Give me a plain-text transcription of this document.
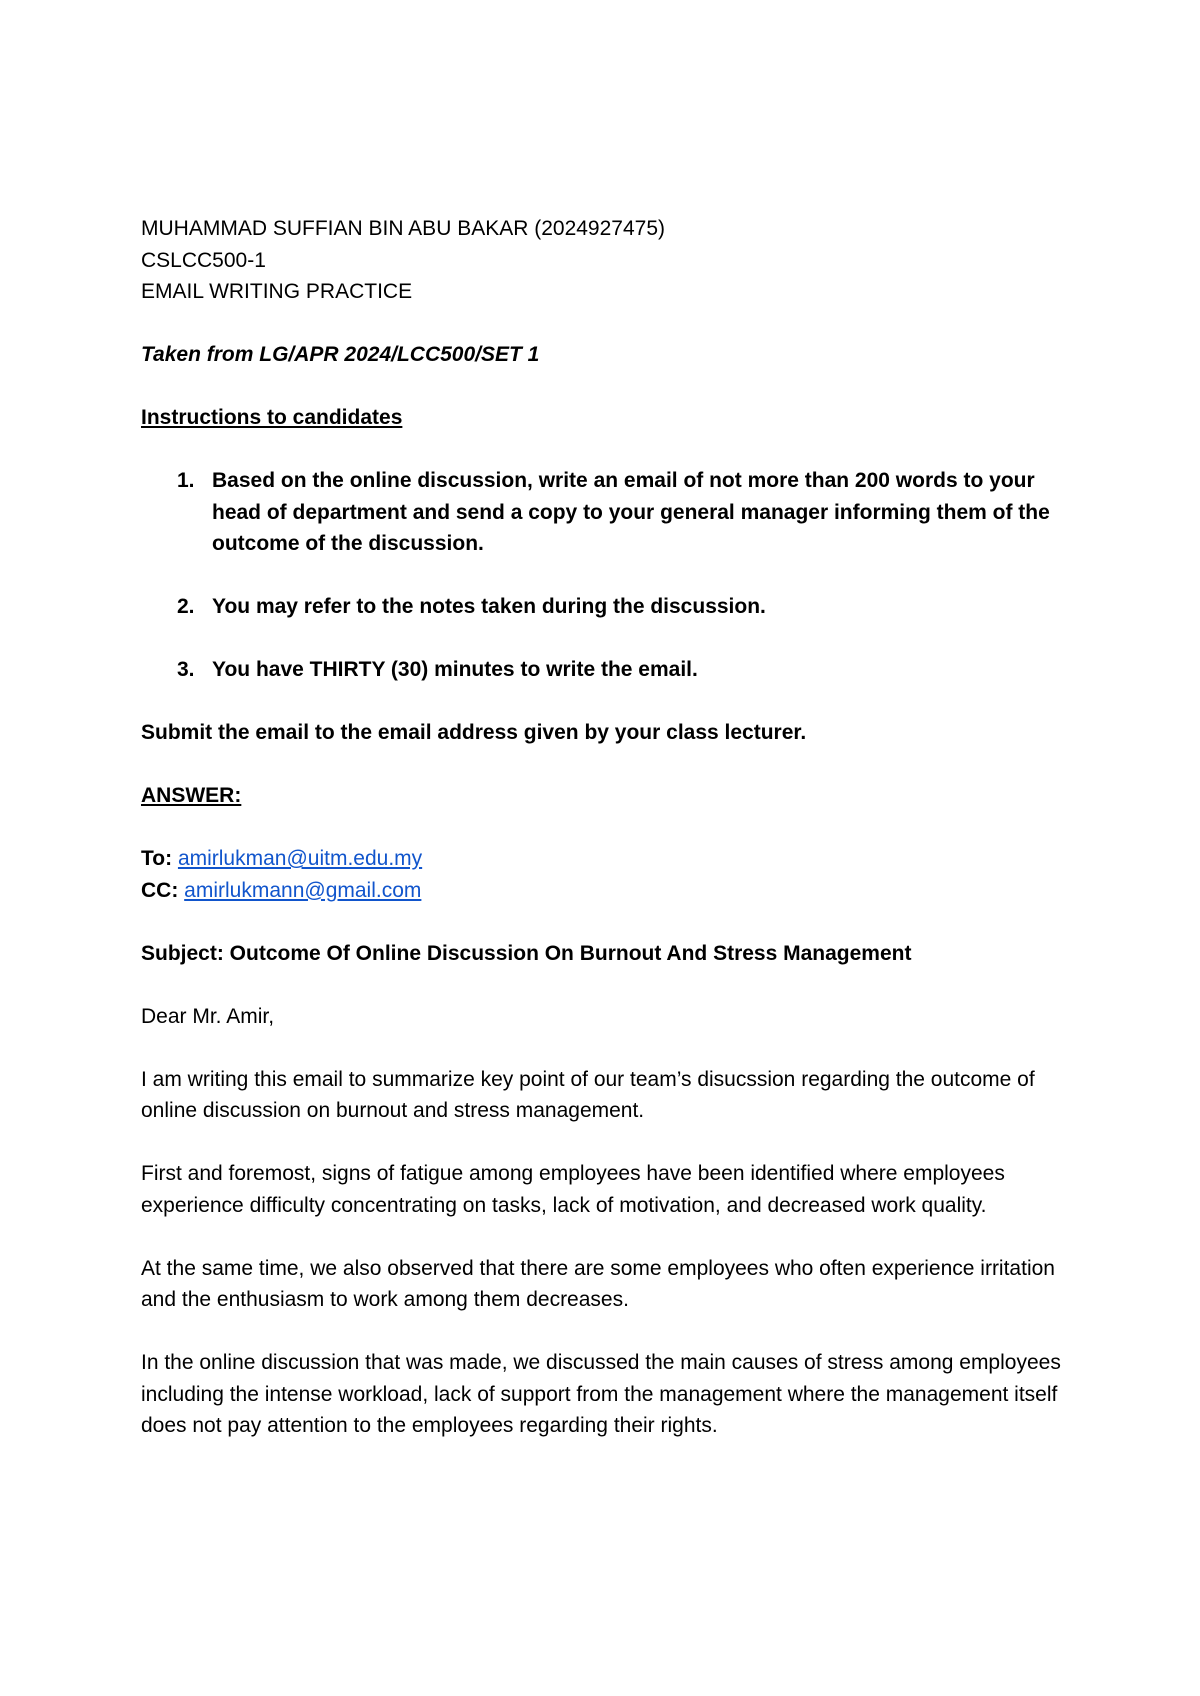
MUHAMMAD SUFFIAN BIN ABU BAKAR (2024927475)
CSLCC500-1
EMAIL WRITING PRACTICE
Taken from LG/APR 2024/LCC500/SET 1
Instructions to candidates
1. Based on the online discussion, write an email of not more than 200 words to your head of department and send a copy to your general manager informing them of the outcome of the discussion.
2. You may refer to the notes taken during the discussion.
3. You have THIRTY (30) minutes to write the email.
Submit the email to the email address given by your class lecturer.
ANSWER:
To: amirlukman@uitm.edu.my
CC: amirlukmann@gmail.com
Subject: Outcome Of Online Discussion On Burnout And Stress Management
Dear Mr. Amir,

I am writing this email to summarize key point of our team’s disucssion regarding the outcome of online discussion on burnout and stress management.

First and foremost, signs of fatigue among employees have been identified where employees experience difficulty concentrating on tasks, lack of motivation, and decreased work quality.

At the same time, we also observed that there are some employees who often experience irritation and the enthusiasm to work among them decreases.

In the online discussion that was made, we discussed the main causes of stress among employees including the intense workload, lack of support from the management where the management itself does not pay attention to the employees regarding their rights.
